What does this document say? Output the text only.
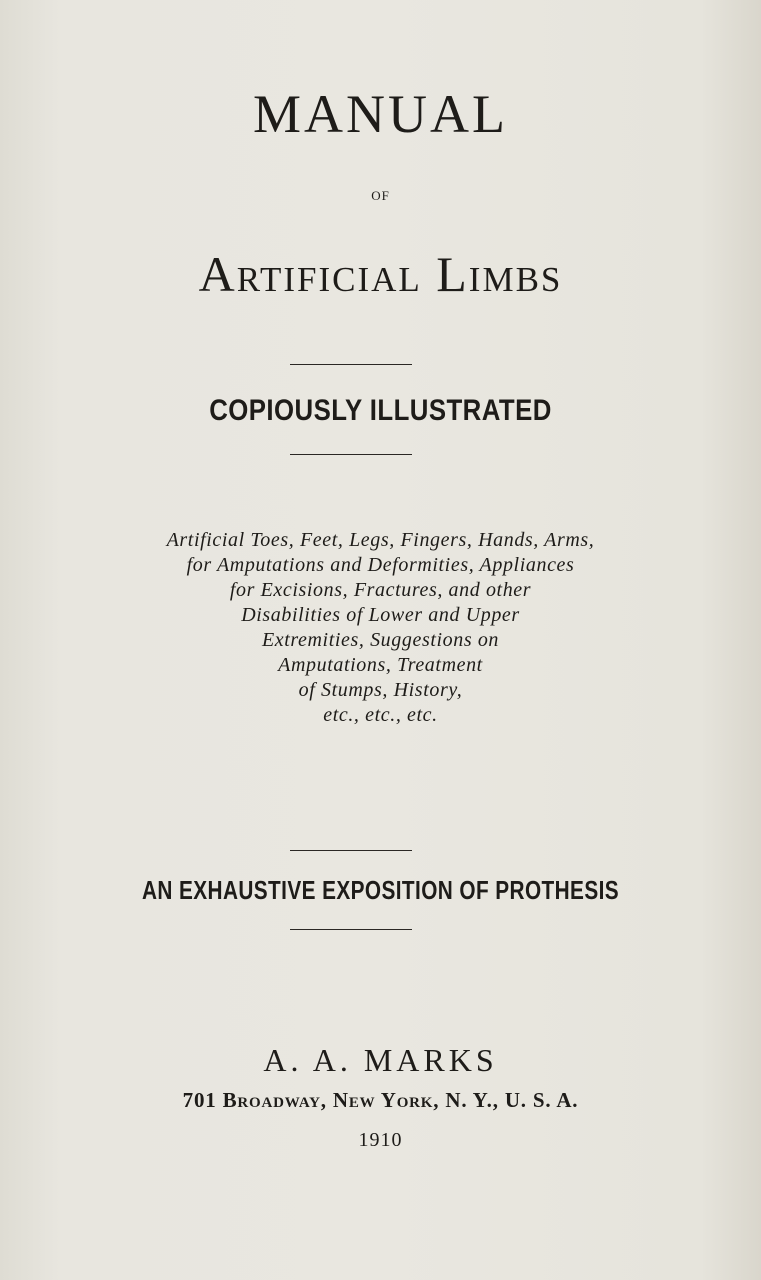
MANUAL
of
Artificial Limbs
COPIOUSLY ILLUSTRATED
Artificial Toes, Feet, Legs, Fingers, Hands, Arms,
for Amputations and Deformities, Appliances
for Excisions, Fractures, and other
Disabilities of Lower and Upper
Extremities, Suggestions on
Amputations, Treatment
of Stumps, History,
etc., etc., etc.
AN EXHAUSTIVE EXPOSITION OF PROTHESIS
A. A. MARKS
701 Broadway, New York, N. Y., U. S. A.
1910
